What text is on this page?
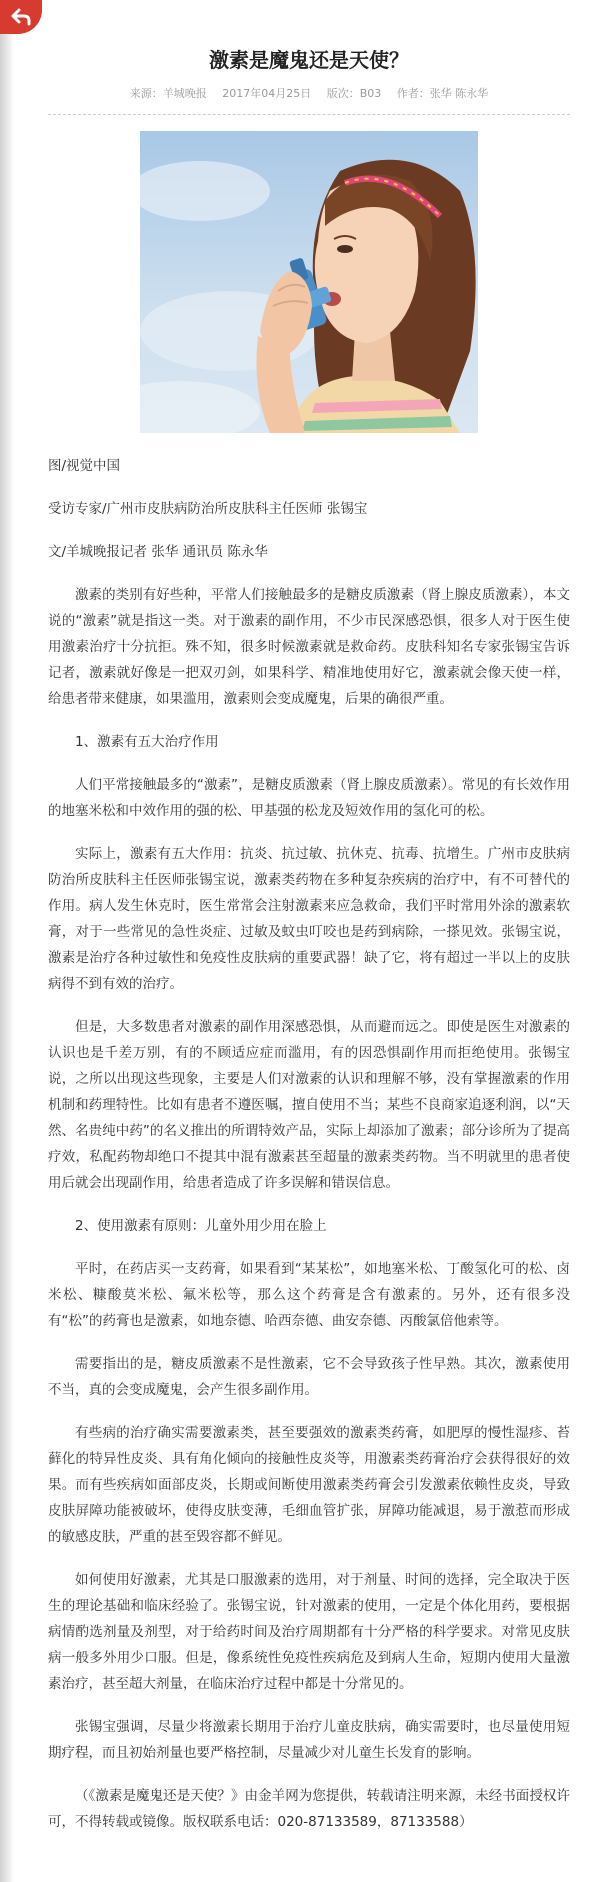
激素是魔鬼还是天使？
来源：羊城晚报 2017年04月25日 版次：B03 作者：张华 陈永华

图/视觉中国

受访专家/广州市皮肤病防治所皮肤科主任医师 张锡宝

文/羊城晚报记者 张华 通讯员 陈永华

激素的类别有好些种，平常人们接触最多的是糖皮质激素（肾上腺皮质激素），本文说的“激素”就是指这一类。对于激素的副作用，不少市民深感恐惧，很多人对于医生使用激素治疗十分抗拒。殊不知，很多时候激素就是救命药。皮肤科知名专家张锡宝告诉记者，激素就好像是一把双刃剑，如果科学、精准地使用好它，激素就会像天使一样，给患者带来健康，如果滥用，激素则会变成魔鬼，后果的确很严重。

1、激素有五大治疗作用

人们平常接触最多的“激素”，是糖皮质激素（肾上腺皮质激素）。常见的有长效作用的地塞米松和中效作用的强的松、甲基强的松龙及短效作用的氢化可的松。

实际上，激素有五大作用：抗炎、抗过敏、抗休克、抗毒、抗增生。广州市皮肤病防治所皮肤科主任医师张锡宝说，激素类药物在多种复杂疾病的治疗中，有不可替代的作用。病人发生休克时，医生常常会注射激素来应急救命，我们平时常用外涂的激素软膏，对于一些常见的急性炎症、过敏及蚊虫叮咬也是药到病除，一搽见效。张锡宝说，激素是治疗各种过敏性和免疫性皮肤病的重要武器！缺了它，将有超过一半以上的皮肤病得不到有效的治疗。

但是，大多数患者对激素的副作用深感恐惧，从而避而远之。即使是医生对激素的认识也是千差万别，有的不顾适应症而滥用，有的因恐惧副作用而拒绝使用。张锡宝说，之所以出现这些现象，主要是人们对激素的认识和理解不够，没有掌握激素的作用机制和药理特性。比如有患者不遵医嘱，擅自使用不当；某些不良商家追逐利润，以“天然、名贵纯中药”的名义推出的所谓特效产品，实际上却添加了激素；部分诊所为了提高疗效，私配药物却绝口不提其中混有激素甚至超量的激素类药物。当不明就里的患者使用后就会出现副作用，给患者造成了许多误解和错误信息。

2、使用激素有原则：儿童外用少用在脸上

平时，在药店买一支药膏，如果看到“某某松”，如地塞米松、丁酸氢化可的松、卤米松、糠酸莫米松、氟米松等，那么这个药膏是含有激素的。另外，还有很多没有“松”的药膏也是激素，如地奈德、哈西奈德、曲安奈德、丙酸氯倍他索等。

需要指出的是，糖皮质激素不是性激素，它不会导致孩子性早熟。其次，激素使用不当，真的会变成魔鬼，会产生很多副作用。

有些病的治疗确实需要激素类，甚至要强效的激素类药膏，如肥厚的慢性湿疹、苔藓化的特异性皮炎、具有角化倾向的接触性皮炎等，用激素类药膏治疗会获得很好的效果。而有些疾病如面部皮炎，长期或间断使用激素类药膏会引发激素依赖性皮炎，导致皮肤屏障功能被破坏，使得皮肤变薄，毛细血管扩张，屏障功能减退，易于激惹而形成的敏感皮肤，严重的甚至毁容都不鲜见。

如何使用好激素，尤其是口服激素的选用，对于剂量、时间的选择，完全取决于医生的理论基础和临床经验了。张锡宝说，针对激素的使用，一定是个体化用药，要根据病情酌选剂量及剂型，对于给药时间及治疗周期都有十分严格的科学要求。对常见皮肤病一般多外用少口服。但是，像系统性免疫性疾病危及到病人生命，短期内使用大量激素治疗，甚至超大剂量，在临床治疗过程中都是十分常见的。

张锡宝强调，尽量少将激素长期用于治疗儿童皮肤病，确实需要时，也尽量使用短期疗程，而且初始剂量也要严格控制，尽量减少对儿童生长发育的影响。

（《激素是魔鬼还是天使？》由金羊网为您提供，转载请注明来源，未经书面授权许可，不得转载或镜像。版权联系电话：020-87133589，87133588）
